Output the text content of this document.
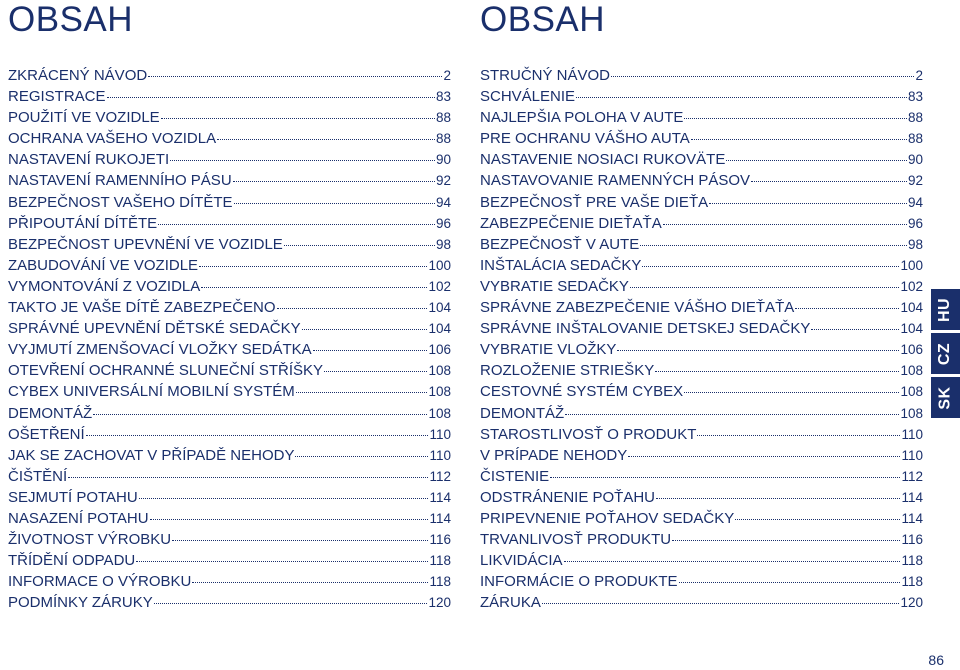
OBSAH
ZKRÁCENÝ NÁVOD	2
REGISTRACE	83
POUŽITÍ VE VOZIDLE	88
OCHRANA VAŠEHO VOZIDLA	88
NASTAVENÍ RUKOJETI	90
NASTAVENÍ RAMENNÍHO PÁSU	92
BEZPEČNOST VAŠEHO DÍTĚTE	94
PŘIPOUTÁNÍ DÍTĚTE	96
BEZPEČNOST UPEVNĚNÍ VE VOZIDLE	98
ZABUDOVÁNÍ VE VOZIDLE	100
VYMONTOVÁNÍ Z VOZIDLA	102
TAKTO JE VAŠE DÍTĚ ZABEZPEČENO	104
SPRÁVNÉ UPEVNĚNÍ DĚTSKÉ SEDAČKY	104
VYJMUTÍ ZMENŠOVACÍ VLOŽKY SEDÁTKA	106
OTEVŘENÍ OCHRANNÉ SLUNEČNÍ STŘÍŠKY	108
CYBEX UNIVERSÁLNÍ MOBILNÍ SYSTÉM	108
DEMONTÁŽ	108
OŠETŘENÍ	110
JAK SE ZACHOVAT V PŘÍPADĚ NEHODY	110
ČIŠTĚNÍ	112
SEJMUTÍ POTAHU	114
NASAZENÍ POTAHU	114
ŽIVOTNOST VÝROBKU	116
TŘÍDĚNÍ ODPADU	118
INFORMACE O VÝROBKU	118
PODMÍNKY ZÁRUKY	120
OBSAH
STRUČNÝ NÁVOD	2
SCHVÁLENIE	83
NAJLEPŠIA POLOHA V AUTE	88
PRE OCHRANU VÁŠHO AUTA	88
NASTAVENIE NOSIACI RUKOVÄTE	90
NASTAVOVANIE RAMENNÝCH PÁSOV	92
BEZPEČNOSŤ PRE VAŠE DIEŤA	94
ZABEZPEČENIE DIEŤAŤA	96
BEZPEČNOSŤ V AUTE	98
INŠTALÁCIA SEDAČKY	100
VYBRATIE SEDAČKY	102
SPRÁVNE ZABEZPEČENIE VÁŠHO DIEŤAŤA	104
SPRÁVNE INŠTALOVANIE DETSKEJ SEDAČKY	104
VYBRATIE VLOŽKY	106
ROZLOŽENIE STRIEŠKY	108
CESTOVNÉ SYSTÉM CYBEX	108
DEMONTÁŽ	108
STAROSTLIVOSŤ O PRODUKT	110
V PRÍPADE NEHODY	110
ČISTENIE	112
ODSTRÁNENIE POŤAHU	114
PRIPEVNENIE POŤAHOV SEDAČKY	114
TRVANLIVOSŤ PRODUKTU	116
LIKVIDÁCIA	118
INFORMÁCIE O PRODUKTE	118
ZÁRUKA	120
HU
CZ
SK
86
